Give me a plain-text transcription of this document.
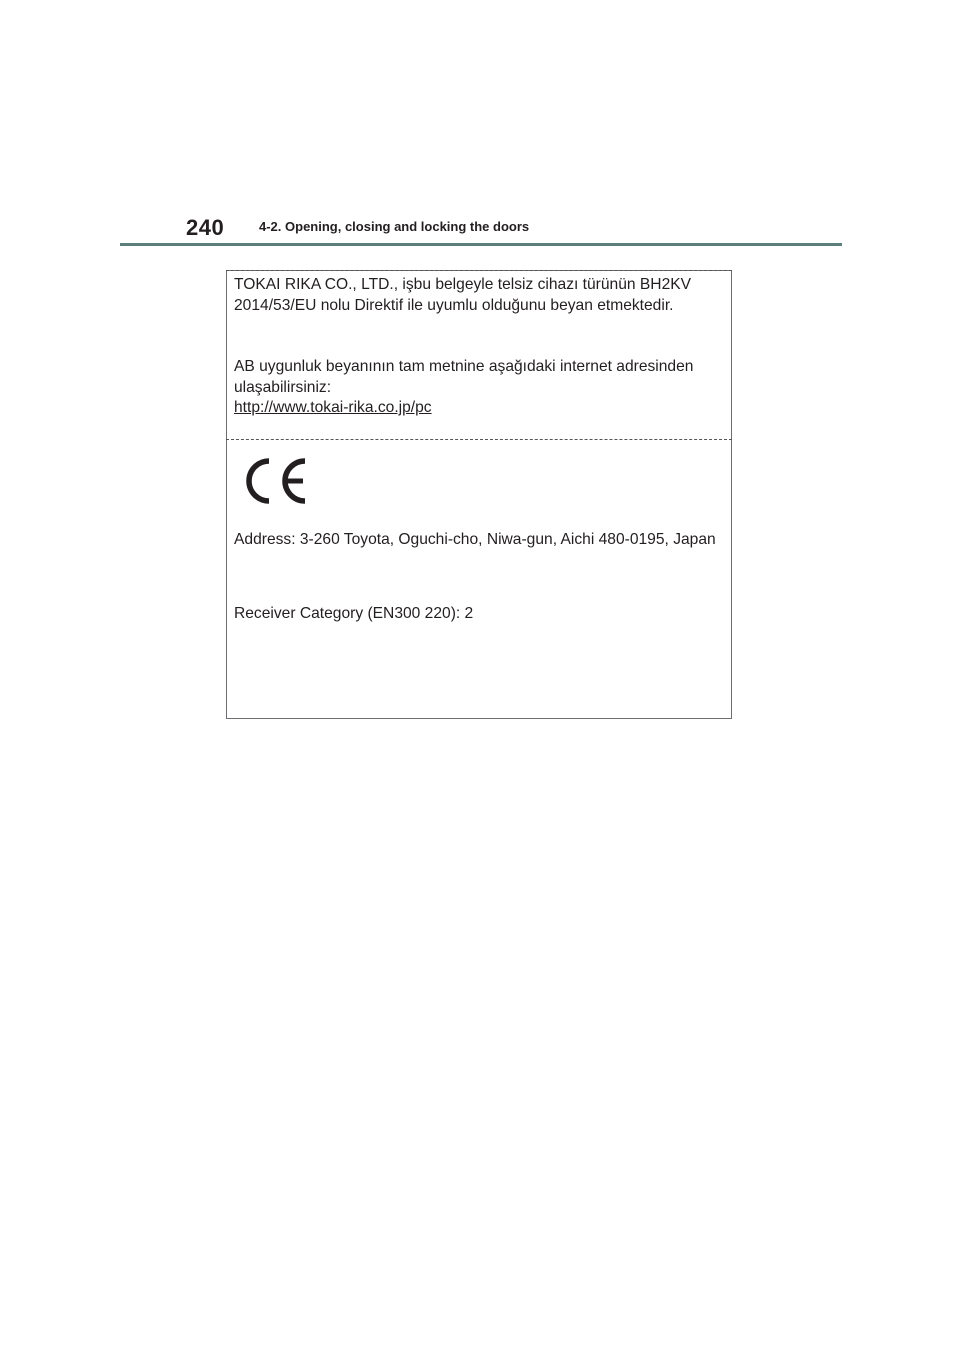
240	4-2. Opening, closing and locking the doors
TOKAI RIKA CO., LTD., işbu belgeyle telsiz cihazı türünün BH2KV 2014/53/EU nolu Direktif ile uyumlu olduğunu beyan etmektedir.
AB uygunluk beyanının tam metnine aşağıdaki internet adresinden ulaşabilirsiniz:
http://www.tokai-rika.co.jp/pc
Address: 3-260 Toyota, Oguchi-cho, Niwa-gun, Aichi 480-0195, Japan
Receiver Category (EN300 220): 2
